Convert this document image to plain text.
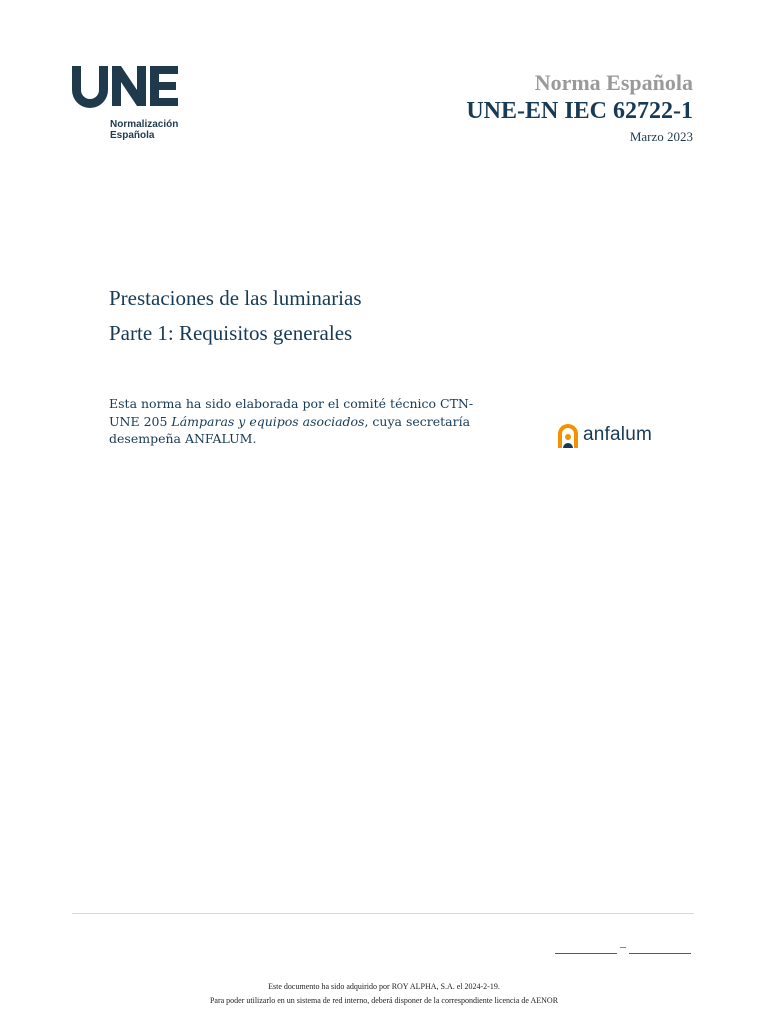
Normalización
Española
Norma Española
UNE-EN IEC 62722-1
Marzo 2023
Prestaciones de las luminarias
Parte 1: Requisitos generales
Esta norma ha sido elaborada por el comité técnico CTN-UNE 205 Lámparas y equipos asociados, cuya secretaría desempeña ANFALUM.	anfalum
–
Este documento ha sido adquirido por ROY ALPHA, S.A. el 2024-2-19.
Para poder utilizarlo en un sistema de red interno, deberá disponer de la correspondiente licencia de AENOR
